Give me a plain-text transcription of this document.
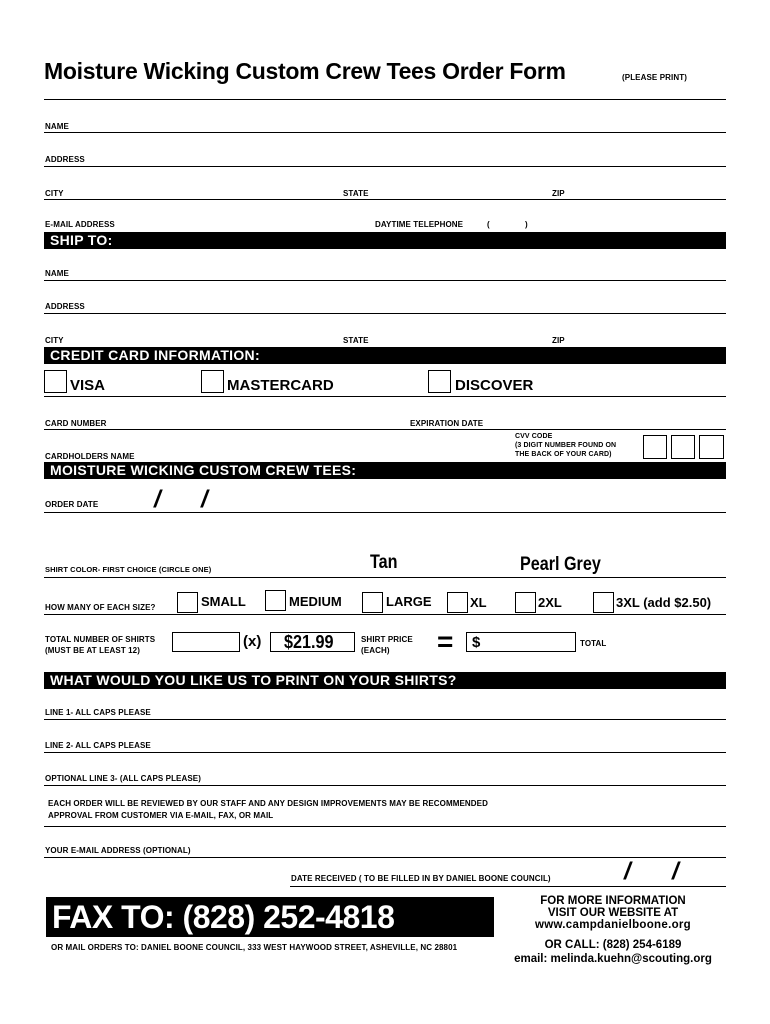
Moisture Wicking Custom Crew Tees Order Form	(PLEASE PRINT)
NAME
ADDRESS
CITY	STATE	ZIP
E-MAIL ADDRESS	DAYTIME TELEPHONE	(	)
SHIP TO:
NAME
ADDRESS
CITY	STATE	ZIP
CREDIT CARD INFORMATION:
VISA	MASTERCARD	DISCOVER
CARD NUMBER	EXPIRATION DATE
CVV CODE
(3 DIGIT NUMBER FOUND ON
THE BACK OF YOUR CARD)
CARDHOLDERS NAME
MOISTURE WICKING CUSTOM CREW TEES:
ORDER DATE / /
SHIRT COLOR- FIRST CHOICE (CIRCLE ONE)	Tan	Pearl Grey
HOW MANY OF EACH SIZE?	SMALL	MEDIUM	LARGE	XL	2XL	3XL (add $2.50)
TOTAL NUMBER OF SHIRTS
(MUST BE AT LEAST 12)
(x) $21.99	SHIRT PRICE
(EACH) = $	TOTAL
WHAT WOULD YOU LIKE US TO PRINT ON YOUR SHIRTS?
LINE 1- ALL CAPS PLEASE
LINE 2- ALL CAPS PLEASE
OPTIONAL LINE 3- (ALL CAPS PLEASE)
EACH ORDER WILL BE REVIEWED BY OUR STAFF AND ANY DESIGN IMPROVEMENTS MAY BE RECOMMENDED
APPROVAL FROM CUSTOMER VIA E-MAIL, FAX, OR MAIL
YOUR E-MAIL ADDRESS (OPTIONAL)
DATE RECEIVED ( TO BE FILLED IN BY DANIEL BOONE COUNCIL)	/ /
FAX TO: (828) 252-4818
OR MAIL ORDERS TO: DANIEL BOONE COUNCIL, 333 WEST HAYWOOD STREET, ASHEVILLE, NC 28801
FOR MORE INFORMATION
VISIT OUR WEBSITE AT
www.campdanielboone.org
OR CALL: (828) 254-6189
email: melinda.kuehn@scouting.org
